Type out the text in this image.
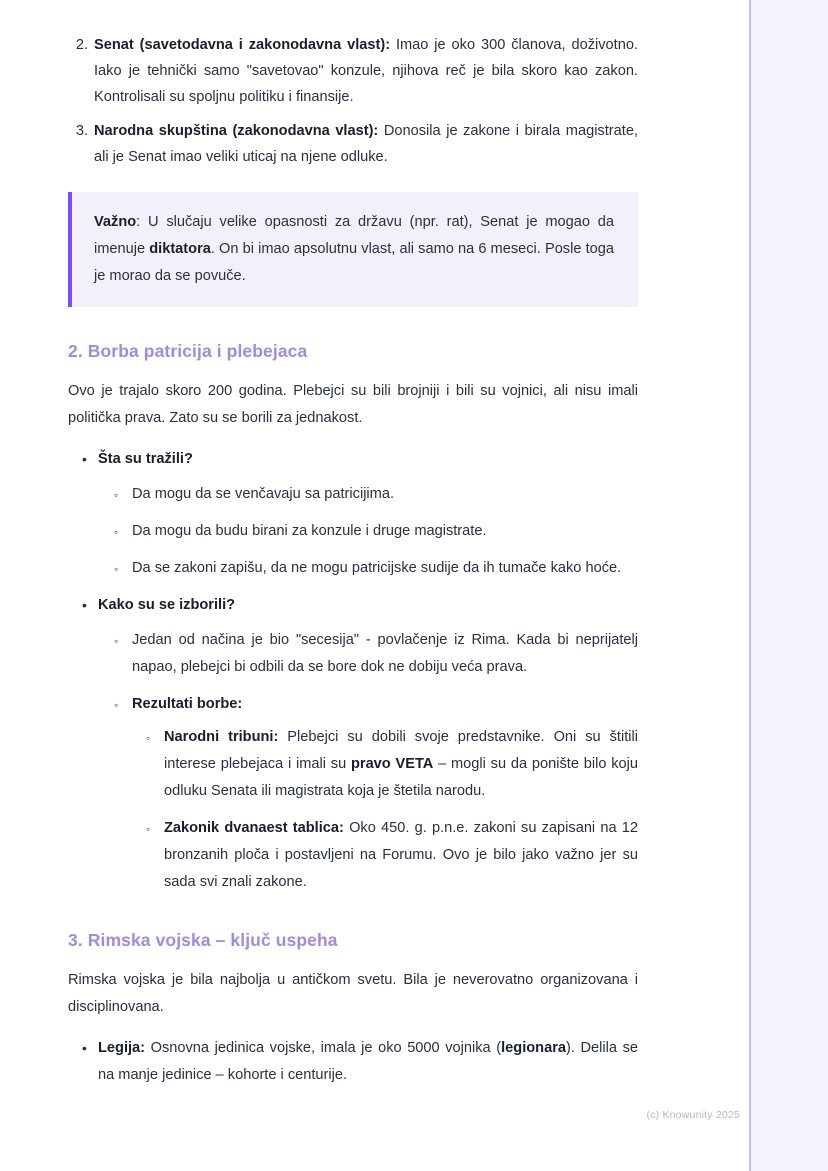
2. Senat (savetodavna i zakonodavna vlast): Imao je oko 300 članova, doživotno. Iako je tehnički samo "savetovao" konzule, njihova reč je bila skoro kao zakon. Kontrolisali su spoljnu politiku i finansije.
3. Narodna skupština (zakonodavna vlast): Donosila je zakone i birala magistrate, ali je Senat imao veliki uticaj na njene odluke.
Važno: U slučaju velike opasnosti za državu (npr. rat), Senat je mogao da imenuje diktatora. On bi imao apsolutnu vlast, ali samo na 6 meseci. Posle toga je morao da se povuče.
2. Borba patricija i plebejaca

Ovo je trajalo skoro 200 godina. Plebejci su bili brojniji i bili su vojnici, ali nisu imali politička prava. Zato su se borili za jednakost.

• Šta su tražili?
◦ Da mogu da se venčavaju sa patricijima.
◦ Da mogu da budu birani za konzule i druge magistrate.
◦ Da se zakoni zapišu, da ne mogu patricijske sudije da ih tumače kako hoće.
• Kako su se izborili?
◦ Jedan od načina je bio "secesija" - povlačenje iz Rima. Kada bi neprijatelj napao, plebejci bi odbili da se bore dok ne dobiju veća prava.
◦ Rezultati borbe:
◦ Narodni tribuni: Plebejci su dobili svoje predstavnike. Oni su štitili interese plebejaca i imali su pravo VETA – mogli su da ponište bilo koju odluku Senata ili magistrata koja je štetila narodu.
◦ Zakonik dvanaest tablica: Oko 450. g. p.n.e. zakoni su zapisani na 12 bronzanih ploča i postavljeni na Forumu. Ovo je bilo jako važno jer su sada svi znali zakone.
3. Rimska vojska – ključ uspeha

Rimska vojska je bila najbolja u antičkom svetu. Bila je neverovatno organizovana i disciplinovana.

• Legija: Osnovna jedinica vojske, imala je oko 5000 vojnika (legionara). Delila se na manje jedinice – kohorte i centurije.
(c) Knowunity 2025
